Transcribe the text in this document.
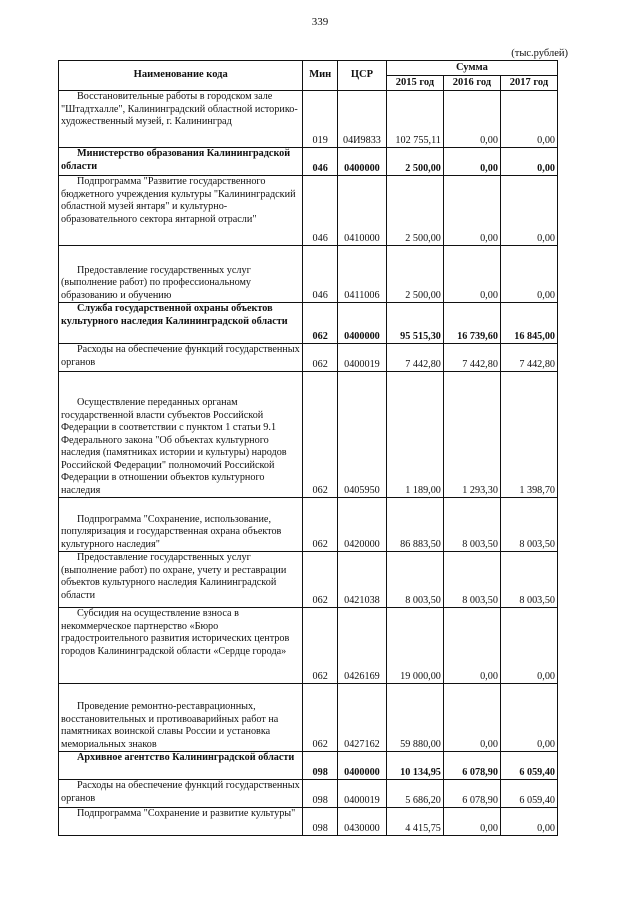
339
(тыс.рублей)
Наименование кода	Мин	ЦСР	Сумма		
			2015 год	2016 год	2017 год

Восстановительные работы в городском зале "Штадтхалле", Калининградский областной историко-художественный музей, г. Калининград	019	04И9833	102 755,11	0,00	0,00

Министерство образования Калининградской области	046	0400000	2 500,00	0,00	0,00

Подпрограмма "Развитие государственного бюджетного учреждения культуры "Калининградский областной музей янтаря" и культурно-образовательного сектора янтарной отрасли"	046	0410000	2 500,00	0,00	0,00

Предоставление государственных услуг (выполнение работ) по профессиональному образованию и обучению	046	0411006	2 500,00	0,00	0,00

Служба государственной охраны объектов культурного наследия Калининградской области	062	0400000	95 515,30	16 739,60	16 845,00

Расходы на обеспечение функций государственных органов	062	0400019	7 442,80	7 442,80	7 442,80

Осуществление переданных органам государственной власти субъектов Российской Федерации в соответствии с пунктом 1 статьи 9.1 Федерального закона "Об объектах культурного наследия (памятниках истории и культуры) народов Российской Федерации" полномочий Российской Федерации в отношении объектов культурного наследия	062	0405950	1 189,00	1 293,30	1 398,70

Подпрограмма "Сохранение, использование, популяризация и государственная охрана объектов культурного наследия"	062	0420000	86 883,50	8 003,50	8 003,50

Предоставление государственных услуг (выполнение работ) по охране, учету и реставрации объектов культурного наследия Калининградской области	062	0421038	8 003,50	8 003,50	8 003,50

Субсидия на осуществление взноса в некоммерческое партнерство «Бюро градостроительного развития исторических центров городов Калининградской области «Сердце города»	062	0426169	19 000,00	0,00	0,00

Проведение ремонтно-реставрационных, восстановительных и противоаварийных работ на памятниках воинской славы России и установка мемориальных знаков	062	0427162	59 880,00	0,00	0,00

Архивное агентство Калининградской области	098	0400000	10 134,95	6 078,90	6 059,40

Расходы на обеспечение функций государственных органов	098	0400019	5 686,20	6 078,90	6 059,40

Подпрограмма "Сохранение и развитие культуры"	098	0430000	4 415,75	0,00	0,00
